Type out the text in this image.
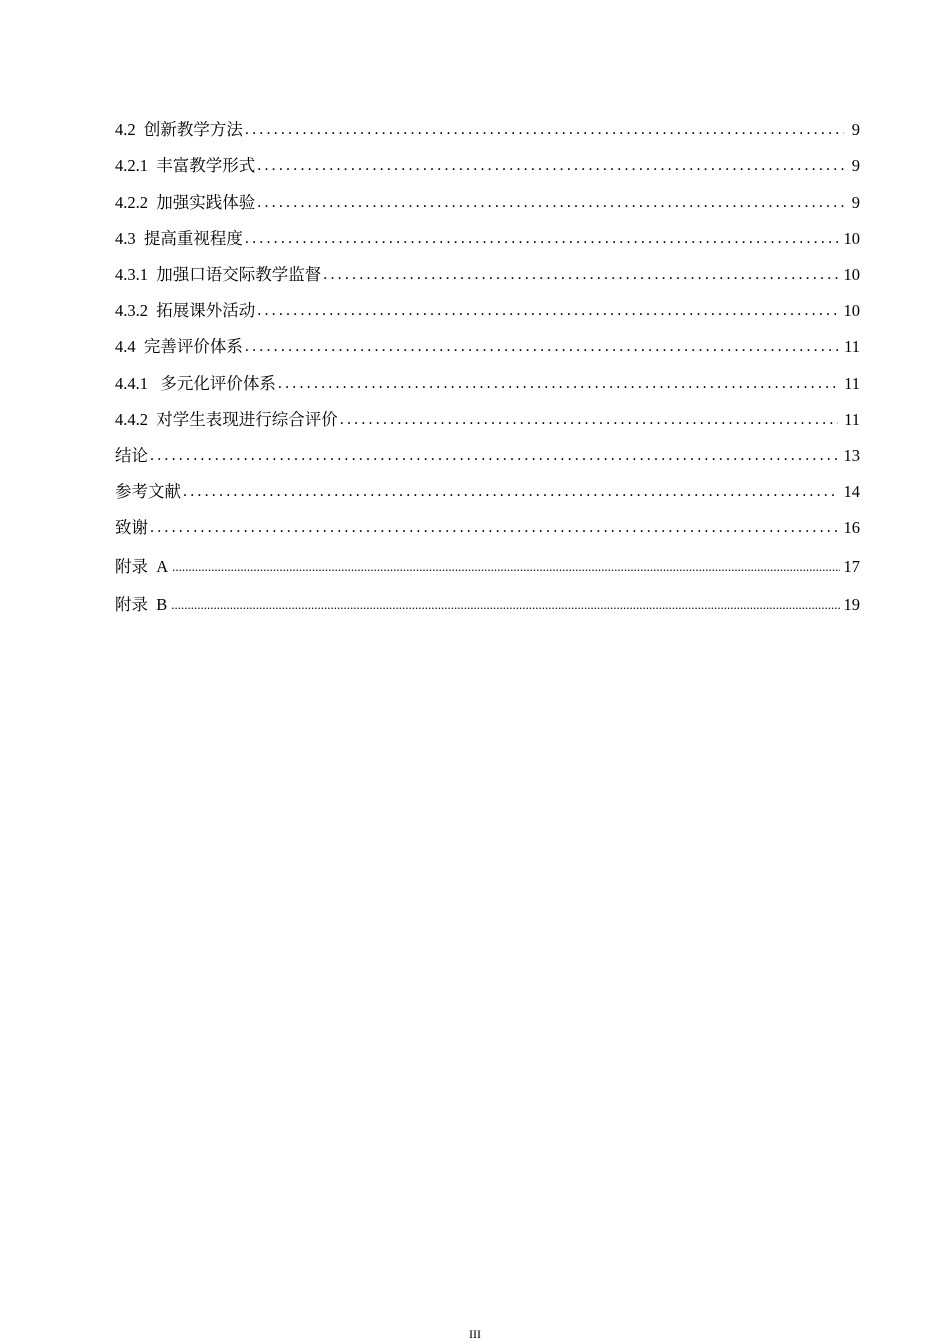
4.2  创新教学方法 .....	9
4.2.1  丰富教学形式 .....	9
4.2.2  加强实践体验 .....	9
4.3  提高重视程度 .....	10
4.3.1  加强口语交际教学监督 .....	10
4.3.2  拓展课外活动 .....	10
4.4  完善评价体系 .....	11
4.4.1   多元化评价体系 .....	11
4.4.2  对学生表现进行综合评价 .....	11
结论 .....	13
参考文献 .....	14
致谢 .....	16
附录  A .....	17
附录  B .....	19
III
